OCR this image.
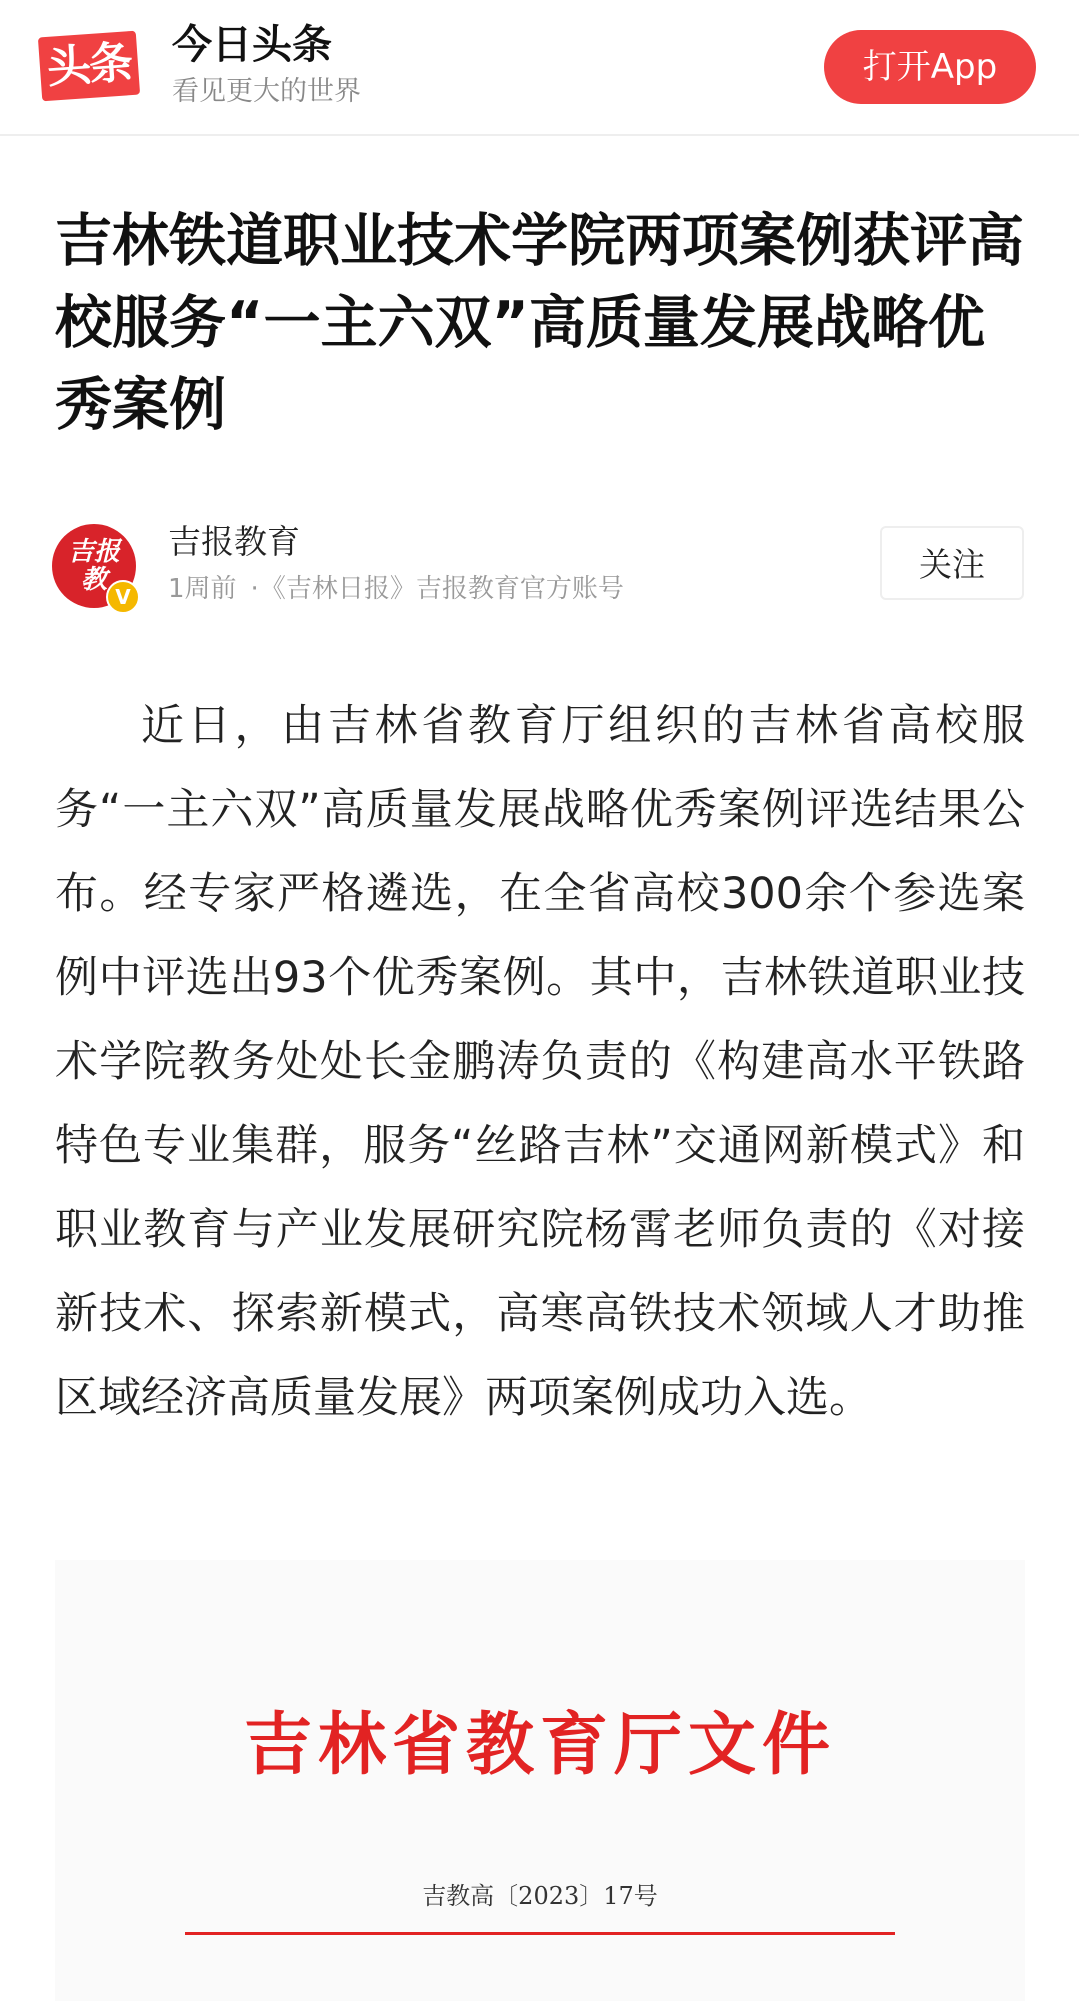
头条 今日头条
看见更大的世界
打开App
吉林铁道职业技术学院两项案例获评高校服务“一主六双”高质量发展战略优秀案例
吉报教
V
吉报教育
1周前 · 《吉林日报》吉报教育官方账号
关注

近日，由吉林省教育厅组织的吉林省高校服务“一主六双”高质量发展战略优秀案例评选结果公布。经专家严格遴选，在全省高校300余个参选案例中评选出93个优秀案例。其中，吉林铁道职业技术学院教务处处长金鹏涛负责的《构建高水平铁路特色专业集群，服务“丝路吉林”交通网新模式》和职业教育与产业发展研究院杨霄老师负责的《对接新技术、探索新模式，高寒高铁技术领域人才助推区域经济高质量发展》两项案例成功入选。

吉林省教育厅文件
吉教高〔2023〕17号
